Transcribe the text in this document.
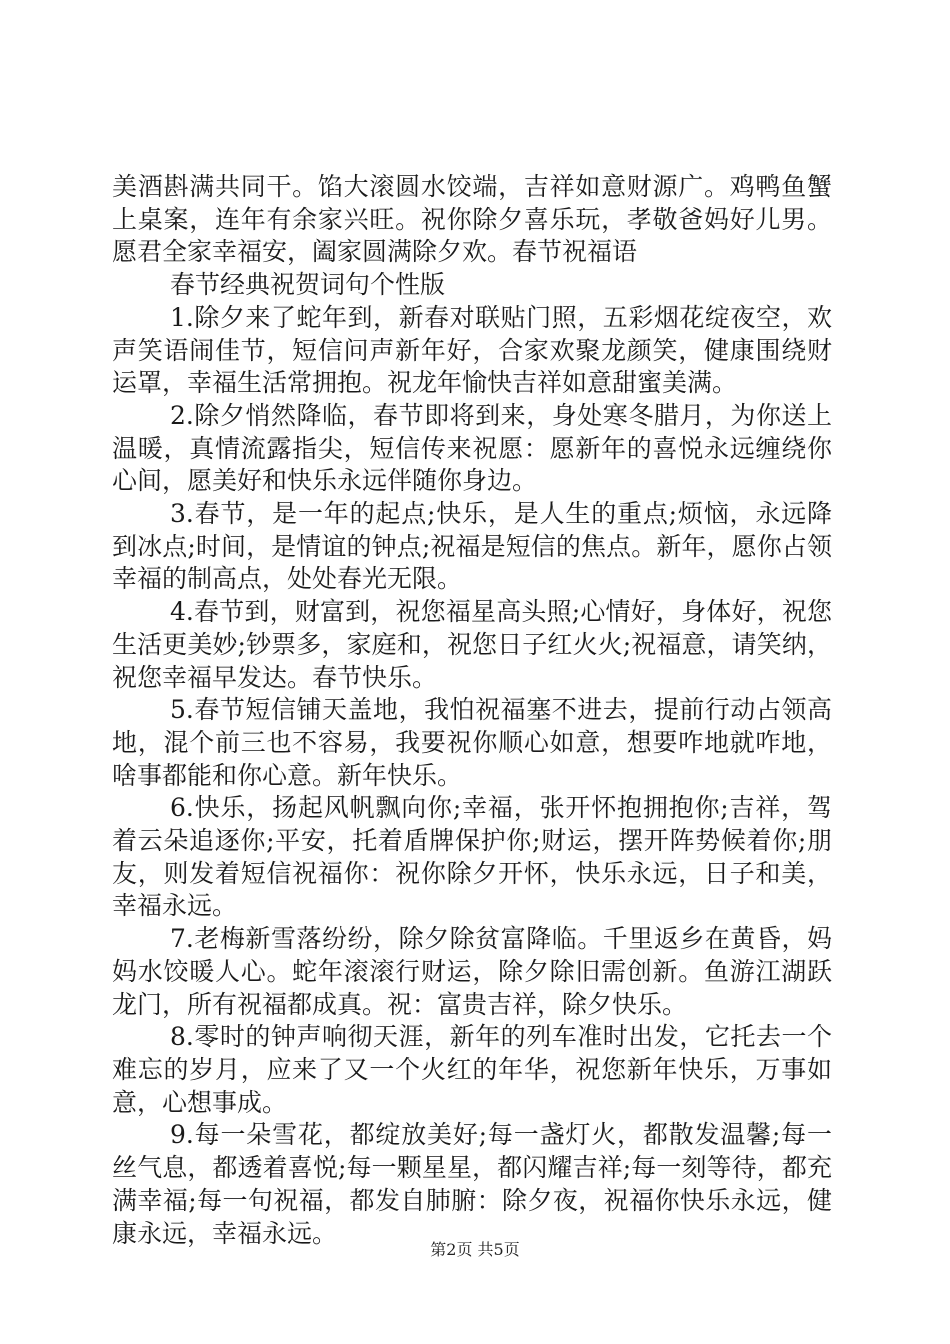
美酒斟满共同干。馅大滚圆水饺端，吉祥如意财源广。鸡鸭鱼蟹上桌案，连年有余家兴旺。祝你除夕喜乐玩，孝敬爸妈好儿男。愿君全家幸福安，阖家圆满除夕欢。春节祝福语

春节经典祝贺词句个性版

1.除夕来了蛇年到，新春对联贴门照，五彩烟花绽夜空，欢声笑语闹佳节，短信问声新年好，合家欢聚龙颜笑，健康围绕财运罩，幸福生活常拥抱。祝龙年愉快吉祥如意甜蜜美满。

2.除夕悄然降临，春节即将到来，身处寒冬腊月，为你送上温暖，真情流露指尖，短信传来祝愿：愿新年的喜悦永远缠绕你心间，愿美好和快乐永远伴随你身边。

3.春节，是一年的起点;快乐，是人生的重点;烦恼，永远降到冰点;时间，是情谊的钟点;祝福是短信的焦点。新年，愿你占领幸福的制高点，处处春光无限。

4.春节到，财富到，祝您福星高头照;心情好，身体好，祝您生活更美妙;钞票多，家庭和，祝您日子红火火;祝福意，请笑纳，祝您幸福早发达。春节快乐。

5.春节短信铺天盖地，我怕祝福塞不进去，提前行动占领高地，混个前三也不容易，我要祝你顺心如意，想要咋地就咋地，啥事都能和你心意。新年快乐。

6.快乐，扬起风帆飘向你;幸福，张开怀抱拥抱你;吉祥，驾着云朵追逐你;平安，托着盾牌保护你;财运，摆开阵势候着你;朋友，则发着短信祝福你：祝你除夕开怀，快乐永远，日子和美，幸福永远。

7.老梅新雪落纷纷，除夕除贫富降临。千里返乡在黄昏，妈妈水饺暖人心。蛇年滚滚行财运，除夕除旧需创新。鱼游江湖跃龙门，所有祝福都成真。祝：富贵吉祥，除夕快乐。

8.零时的钟声响彻天涯，新年的列车准时出发，它托去一个难忘的岁月，应来了又一个火红的年华，祝您新年快乐，万事如意，心想事成。

9.每一朵雪花，都绽放美好;每一盏灯火，都散发温馨;每一丝气息，都透着喜悦;每一颗星星，都闪耀吉祥;每一刻等待，都充满幸福;每一句祝福，都发自肺腑：除夕夜，祝福你快乐永远，健康永远，幸福永远。

第2页 共5页
